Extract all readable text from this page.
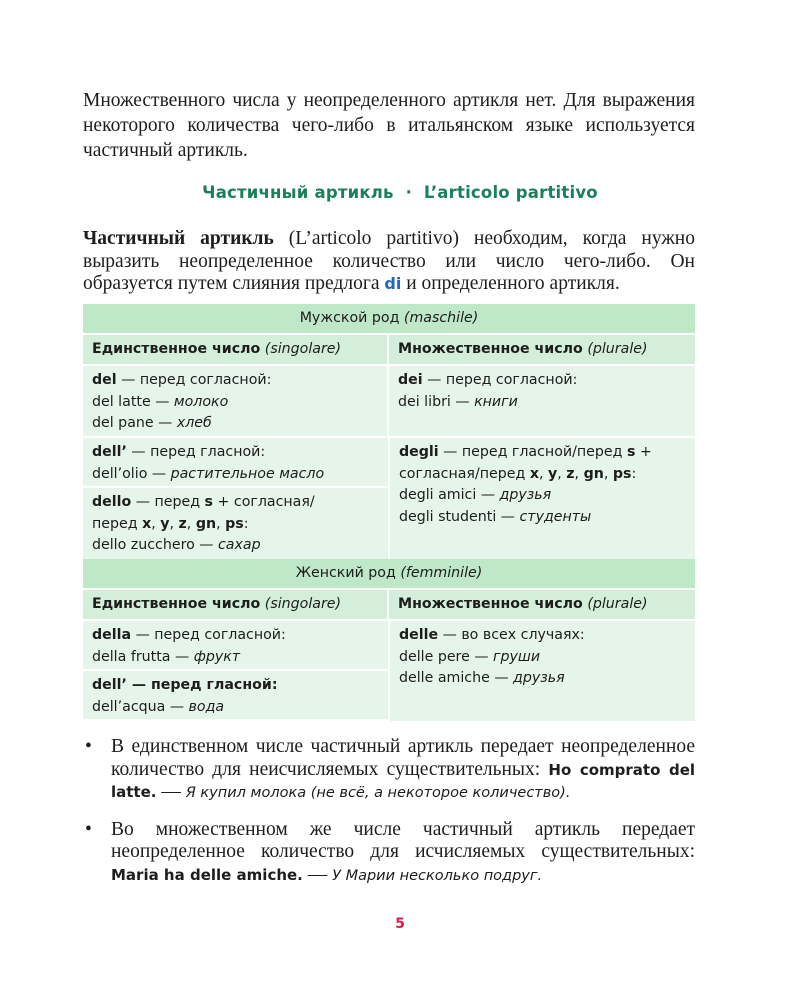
Множественного числа у неопределенного артикля нет. Для выражения некоторого количества чего-либо в итальянском языке используется частичный артикль.

Частичный артикль · L’articolo partitivo

Частичный артикль (L’articolo partitivo) необходим, когда нужно выразить неопределенное количество или число чего-либо. Он образуется путем слияния предлога di и определенного артикля.

Мужской род (maschile)
Единственное число (singolare)	Множественное число (plurale)
del — перед согласной:
del latte — молоко
del pane — хлеб
dei — перед согласной:
dei libri — книги
dell’ — перед гласной:
dell’olio — растительное масло
dello — перед s + согласная/
перед x, y, z, gn, ps:
dello zucchero — сахар
degli — перед гласной/перед s +
согласная/перед x, y, z, gn, ps:
degli amici — друзья
degli studenti — студенты
Женский род (femminile)
Единственное число (singolare)	Множественное число (plurale)
della — перед согласной:
della frutta — фрукт
dell’ — перед гласной:
dell’acqua — вода
delle — во всех случаях:
delle pere — груши
delle amiche — друзья
• В единственном числе частичный артикль передает неопределенное количество для неисчисляемых существительных: Ho comprato del latte. — Я купил молока (не всё, а некоторое количество).
• Во множественном же числе частичный артикль передает неопределенное количество для исчисляемых существительных: Maria ha delle amiche. — У Марии несколько подруг.
5
